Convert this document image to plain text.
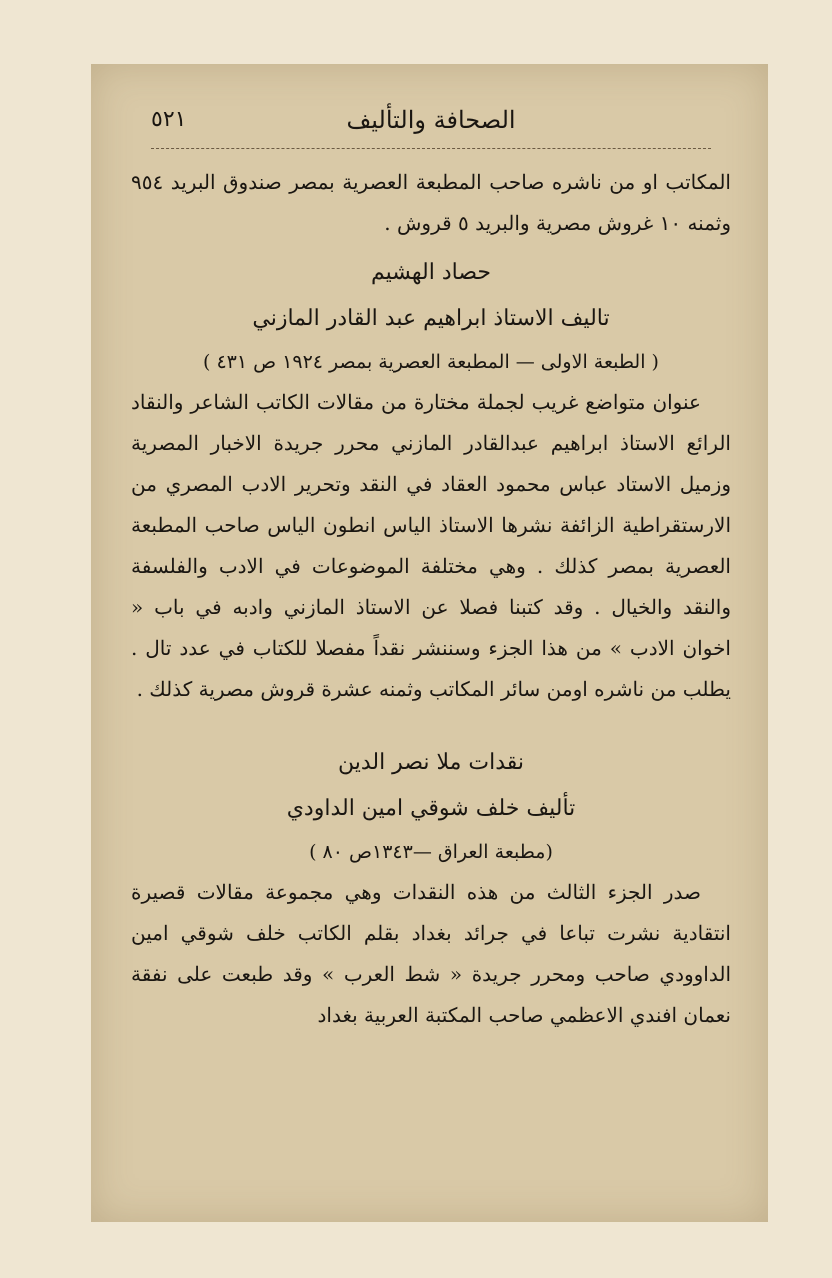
الصحافة والتأليف
٥٢١

المكاتب او من ناشره صاحب المطبعة العصرية بمصر صندوق البريد ٩٥٤ وثمنه ١٠ غروش مصرية والبريد ٥ قروش .

حصاد الهشيم

تاليف الاستاذ ابراهيم عبد القادر المازني

( الطبعة الاولى — المطبعة العصرية بمصر ١٩٢٤ ص ٤٣١ )

عنوان متواضع غريب لجملة مختارة من مقالات الكاتب الشاعر والنقاد الرائع الاستاذ ابراهيم عبدالقادر المازني محرر جريدة الاخبار المصرية وزميل الاستاد عباس محمود العقاد في النقد وتحرير الادب المصري من الارستقراطية الزائفة نشرها الاستاذ الياس انطون الياس صاحب المطبعة العصرية بمصر كذلك . وهي مختلفة الموضوعات في الادب والفلسفة والنقد والخيال . وقد كتبنا فصلا عن الاستاذ المازني وادبه في باب « اخوان الادب » من هذا الجزء وسننشر نقداً مفصلا للكتاب في عدد تال . يطلب من ناشره اومن سائر المكاتب وثمنه عشرة قروش مصرية كذلك .

نقدات ملا نصر الدين

تأليف خلف شوقي امين الداودي

(مطبعة العراق —١٣٤٣ص ٨٠ )

صدر الجزء الثالث من هذه النقدات وهي مجموعة مقالات قصيرة انتقادية نشرت تباعا في جرائد بغداد بقلم الكاتب خلف شوقي امين الداوودي صاحب ومحرر جريدة « شط العرب » وقد طبعت على نفقة نعمان افندي الاعظمي صاحب المكتبة العربية بغداد
